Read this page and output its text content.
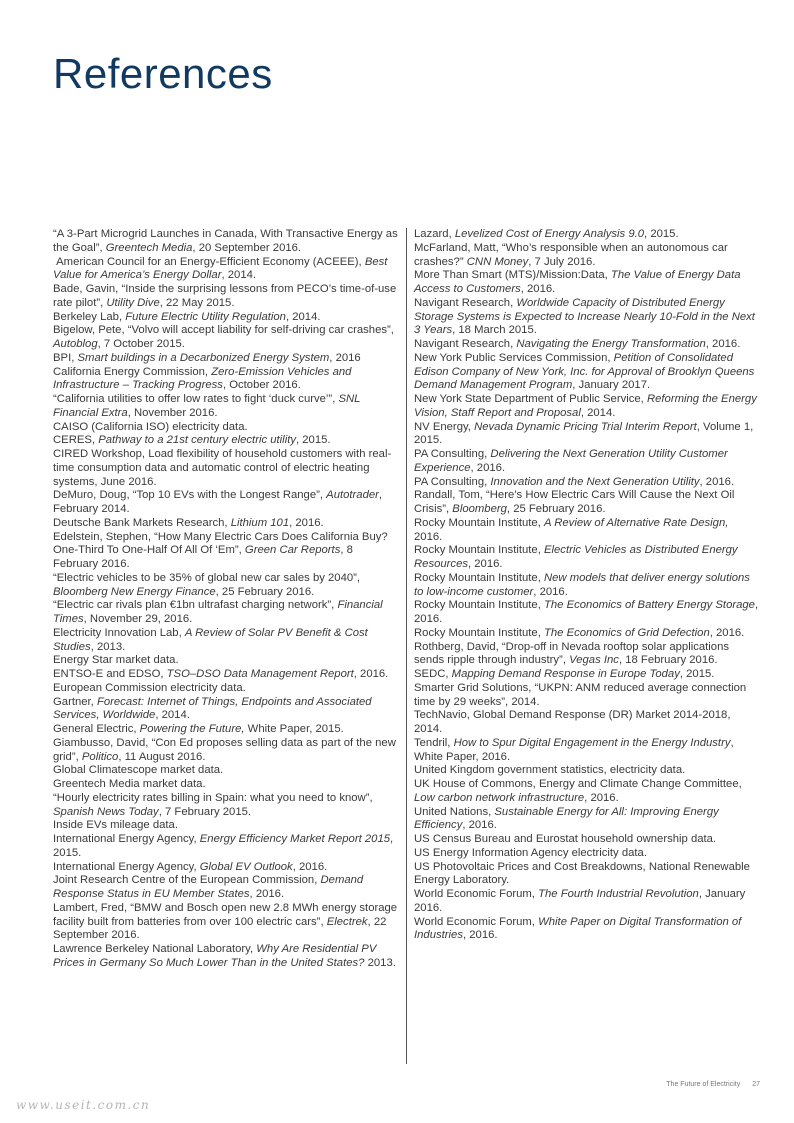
References

“A 3-Part Microgrid Launches in Canada, With Transactive Energy as the Goal”, Greentech Media, 20 September 2016.

American Council for an Energy-Efficient Economy (ACEEE), Best Value for America’s Energy Dollar, 2014.

Bade, Gavin, “Inside the surprising lessons from PECO’s time-of-use rate pilot”, Utility Dive, 22 May 2015.

Berkeley Lab, Future Electric Utility Regulation, 2014.

Bigelow, Pete, “Volvo will accept liability for self-driving car crashes”, Autoblog, 7 October 2015.

BPI, Smart buildings in a Decarbonized Energy System, 2016

California Energy Commission, Zero-Emission Vehicles and Infrastructure – Tracking Progress, October 2016.

“California utilities to offer low rates to fight ‘duck curve’”, SNL Financial Extra, November 2016.

CAISO (California ISO) electricity data.

CERES, Pathway to a 21st century electric utility, 2015.

CIRED Workshop, Load flexibility of household customers with real-time consumption data and automatic control of electric heating systems, June 2016.

DeMuro, Doug, “Top 10 EVs with the Longest Range”, Autotrader, February 2014.

Deutsche Bank Markets Research, Lithium 101, 2016.

Edelstein, Stephen, “How Many Electric Cars Does California Buy? One-Third To One-Half Of All Of ‘Em”, Green Car Reports, 8 February 2016.

“Electric vehicles to be 35% of global new car sales by 2040”, Bloomberg New Energy Finance, 25 February 2016.

“Electric car rivals plan €1bn ultrafast charging network”, Financial Times, November 29, 2016.

Electricity Innovation Lab, A Review of Solar PV Benefit & Cost Studies, 2013.

Energy Star market data.

ENTSO-E and EDSO, TSO–DSO Data Management Report, 2016.

European Commission electricity data.

Gartner, Forecast: Internet of Things, Endpoints and Associated Services, Worldwide, 2014.

General Electric, Powering the Future, White Paper, 2015.

Giambusso, David, “Con Ed proposes selling data as part of the new grid”, Politico, 11 August 2016.

Global Climatescope market data.

Greentech Media market data.

“Hourly electricity rates billing in Spain: what you need to know”, Spanish News Today, 7 February 2015.

Inside EVs mileage data.

International Energy Agency, Energy Efficiency Market Report 2015, 2015.

International Energy Agency, Global EV Outlook, 2016.

Joint Research Centre of the European Commission, Demand Response Status in EU Member States, 2016.

Lambert, Fred, “BMW and Bosch open new 2.8 MWh energy storage facility built from batteries from over 100 electric cars”, Electrek, 22 September 2016.

Lawrence Berkeley National Laboratory, Why Are Residential PV Prices in Germany So Much Lower Than in the United States? 2013.

Lazard, Levelized Cost of Energy Analysis 9.0, 2015.

McFarland, Matt, “Who’s responsible when an autonomous car crashes?” CNN Money, 7 July 2016.

More Than Smart (MTS)/Mission:Data, The Value of Energy Data Access to Customers, 2016.

Navigant Research, Worldwide Capacity of Distributed Energy Storage Systems is Expected to Increase Nearly 10-Fold in the Next 3 Years, 18 March 2015.

Navigant Research, Navigating the Energy Transformation, 2016.

New York Public Services Commission, Petition of Consolidated Edison Company of New York, Inc. for Approval of Brooklyn Queens Demand Management Program, January 2017.

New York State Department of Public Service, Reforming the Energy Vision, Staff Report and Proposal, 2014.

NV Energy, Nevada Dynamic Pricing Trial Interim Report, Volume 1, 2015.

PA Consulting, Delivering the Next Generation Utility Customer Experience, 2016.

PA Consulting, Innovation and the Next Generation Utility, 2016.

Randall, Tom, “Here’s How Electric Cars Will Cause the Next Oil Crisis”, Bloomberg, 25 February 2016.

Rocky Mountain Institute, A Review of Alternative Rate Design, 2016.

Rocky Mountain Institute, Electric Vehicles as Distributed Energy Resources, 2016.

Rocky Mountain Institute, New models that deliver energy solutions to low-income customer, 2016.

Rocky Mountain Institute, The Economics of Battery Energy Storage, 2016.

Rocky Mountain Institute, The Economics of Grid Defection, 2016.

Rothberg, David, “Drop-off in Nevada rooftop solar applications sends ripple through industry”, Vegas Inc, 18 February 2016.

SEDC, Mapping Demand Response in Europe Today, 2015.

Smarter Grid Solutions, “UKPN: ANM reduced average connection time by 29 weeks”, 2014.

TechNavio, Global Demand Response (DR) Market 2014-2018, 2014.

Tendril, How to Spur Digital Engagement in the Energy Industry, White Paper, 2016.

United Kingdom government statistics, electricity data.

UK House of Commons, Energy and Climate Change Committee, Low carbon network infrastructure, 2016.

United Nations, Sustainable Energy for All: Improving Energy Efficiency, 2016.

US Census Bureau and Eurostat household ownership data.

US Energy Information Agency electricity data.

US Photovoltaic Prices and Cost Breakdowns, National Renewable Energy Laboratory.

World Economic Forum, The Fourth Industrial Revolution, January 2016.

World Economic Forum, White Paper on Digital Transformation of Industries, 2016.

The Future of Electricity 27
www.useit.com.cn
